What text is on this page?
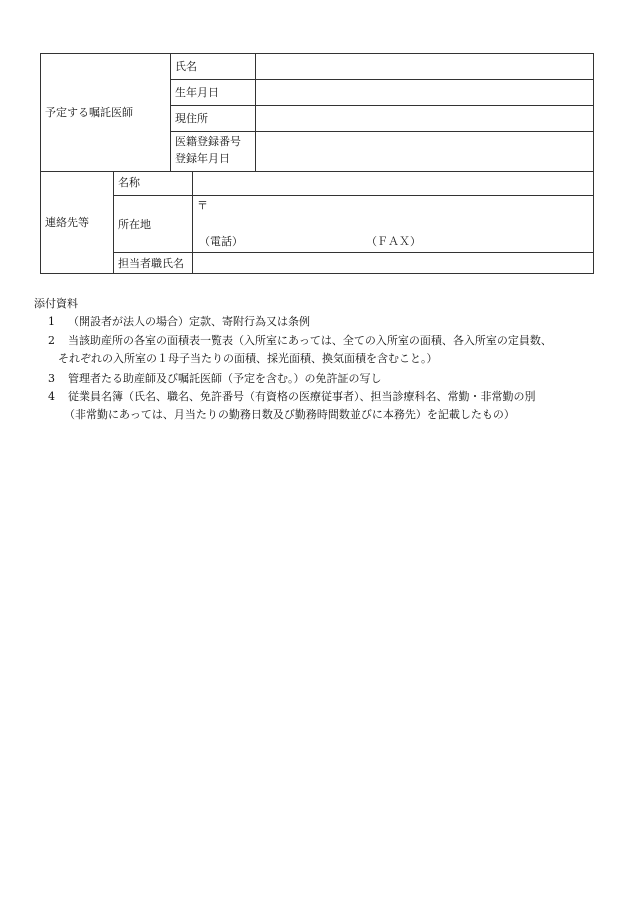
予定する嘱託医師
氏名
生年月日
現住所
医籍登録番号
登録年月日
連絡先等
名称
所在地
〒
（電話）	（ＦＡＸ）
担当者職氏名
添付資料
1 （開設者が法人の場合）定款、寄附行為又は条例
2 当該助産所の各室の面積表一覧表（入所室にあっては、全ての入所室の面積、各入所室の定員数、
それぞれの入所室の１母子当たりの面積、採光面積、換気面積を含むこと。）
3 管理者たる助産師及び嘱託医師（予定を含む。）の免許証の写し
4 従業員名簿（氏名、職名、免許番号（有資格の医療従事者）、担当診療科名、常勤・非常勤の別
（非常勤にあっては、月当たりの勤務日数及び勤務時間数並びに本務先）を記載したもの）
